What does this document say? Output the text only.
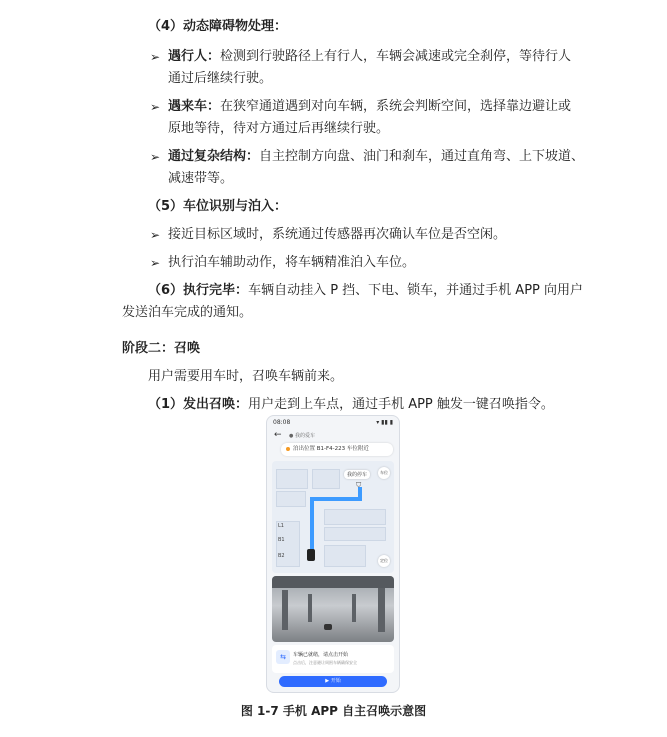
（4）动态障碍物处理：
➢ 遇行人：检测到行驶路径上有行人，车辆会减速或完全刹停，等待行人
通过后继续行驶。
➢ 遇来车：在狭窄通道遇到对向车辆，系统会判断空间，选择靠边避让或
原地等待，待对方通过后再继续行驶。
➢ 通过复杂结构：自主控制方向盘、油门和刹车，通过直角弯、上下坡道、
减速带等。
（5）车位识别与泊入：
➢ 接近目标区域时，系统通过传感器再次确认车位是否空闲。
➢ 执行泊车辅助动作，将车辆精准泊入车位。
（6）执行完毕：车辆自动挂入 P 挡、下电、锁车，并通过手机 APP 向用户
发送泊车完成的通知。
阶段二：召唤
用户需要用车时，召唤车辆前来。
（1）发出召唤：用户走到上车点，通过手机 APP 触发一键召唤指令。
08:08	▾ ▮▮ ▮
← ● 我的爱车
泊出位置 B1-F4-223 车位附近
我的停车
⛉
车位
定位
L1
B1
B2
⇆	车辆已就绪，请点击开始
点击后，注意避让周围车辆确保安全
▶ 开始
图 1-7 手机 APP 自主召唤示意图
